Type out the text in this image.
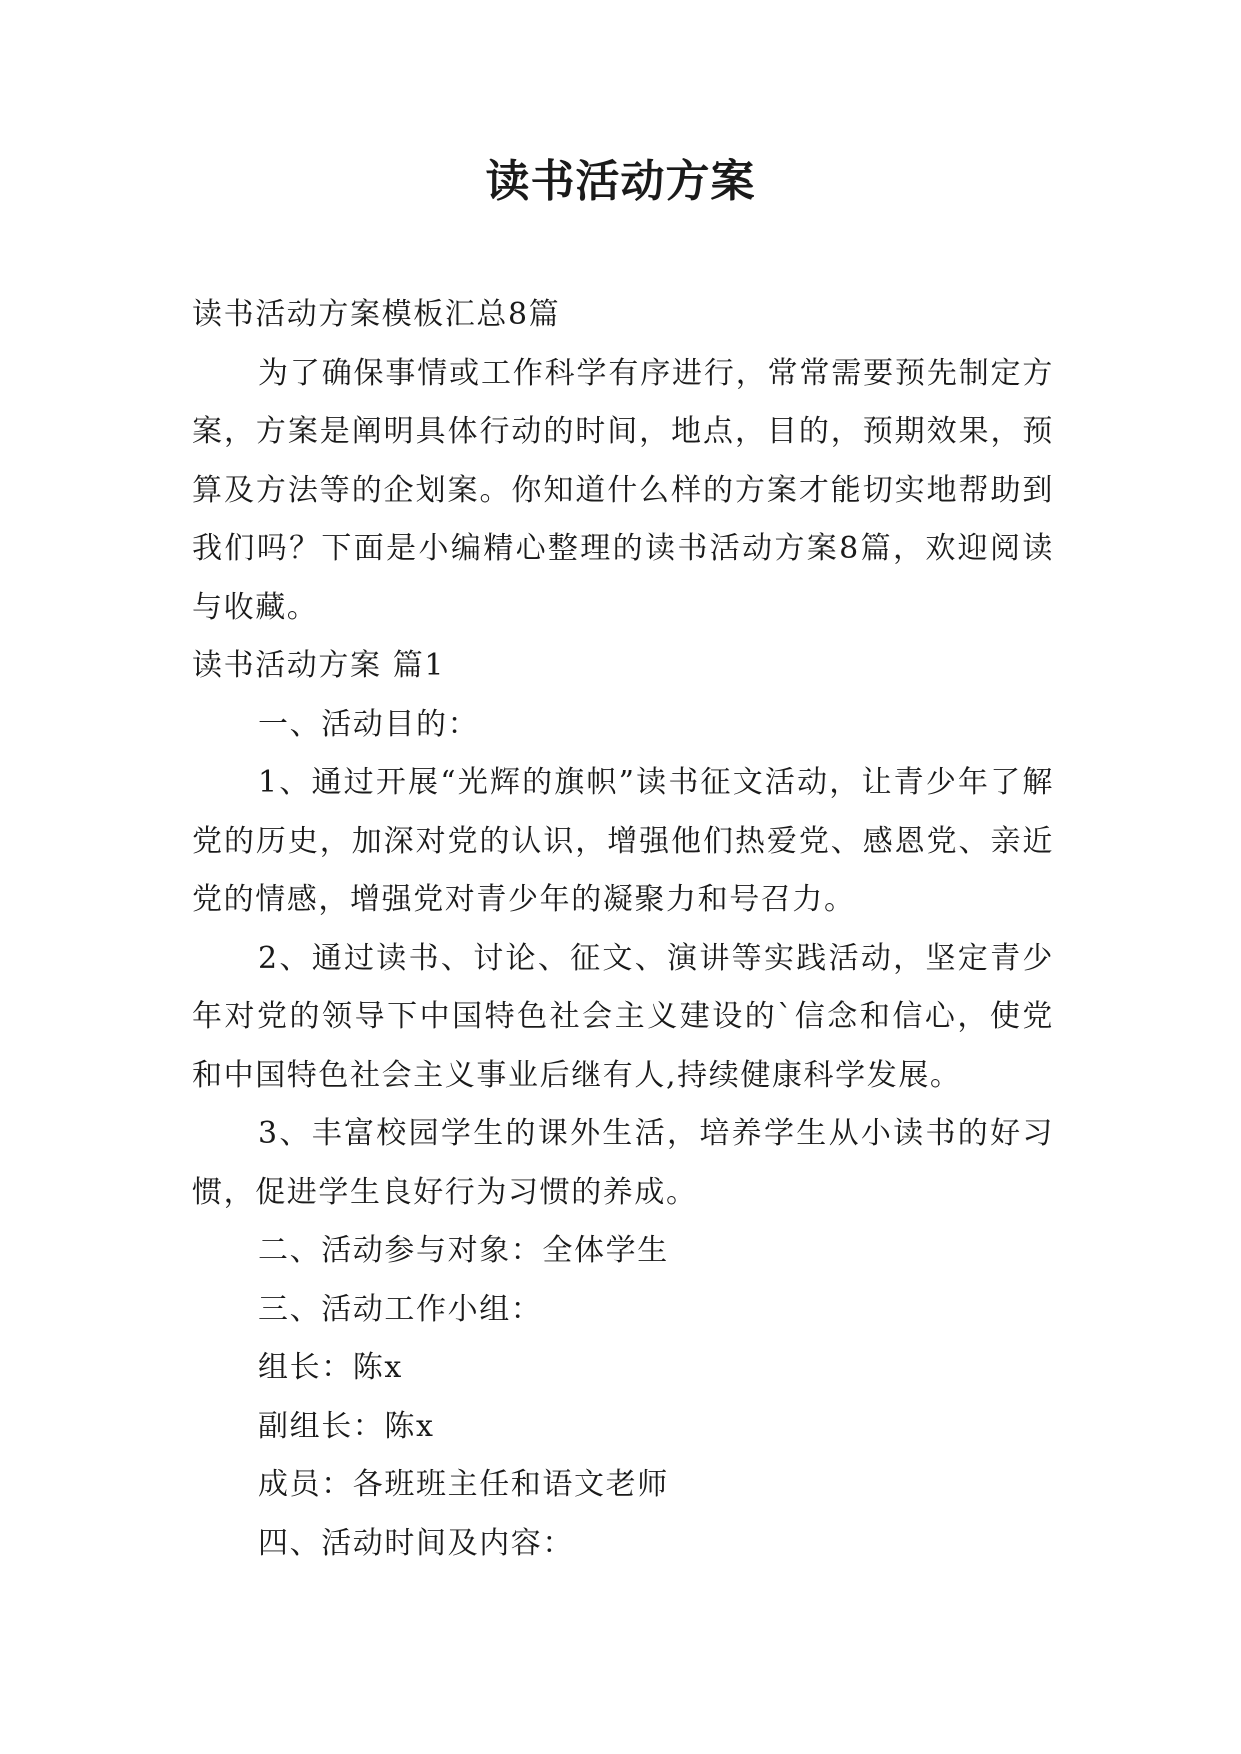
读书活动方案

读书活动方案模板汇总8篇

为了确保事情或工作科学有序进行，常常需要预先制定方案，方案是阐明具体行动的时间，地点，目的，预期效果，预算及方法等的企划案。你知道什么样的方案才能切实地帮助到我们吗？下面是小编精心整理的读书活动方案8篇，欢迎阅读与收藏。

读书活动方案 篇1

一、活动目的：

1、通过开展“光辉的旗帜”读书征文活动，让青少年了解党的历史，加深对党的认识，增强他们热爱党、感恩党、亲近党的情感，增强党对青少年的凝聚力和号召力。

2、通过读书、讨论、征文、演讲等实践活动，坚定青少年对党的领导下中国特色社会主义建设的`信念和信心，使党和中国特色社会主义事业后继有人,持续健康科学发展。

3、丰富校园学生的课外生活，培养学生从小读书的好习惯，促进学生良好行为习惯的养成。

二、活动参与对象：全体学生

三、活动工作小组：

组长：陈x

副组长：陈x

成员：各班班主任和语文老师

四、活动时间及内容：
